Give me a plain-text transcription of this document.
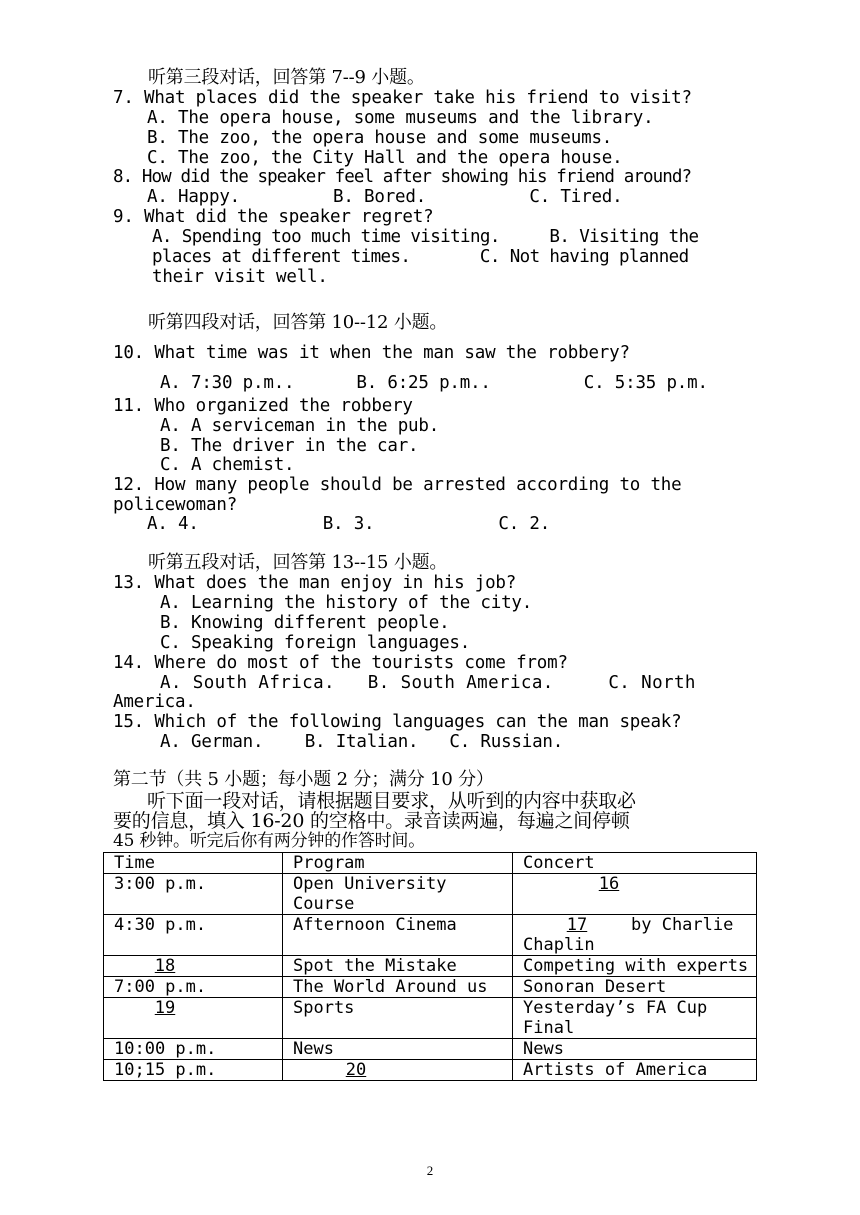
听第三段对话，回答第 7--9 小题。
7. What places did the speaker take his friend to visit?
A. The opera house, some museums and the library.
B. The zoo, the opera house and some museums.
C. The zoo, the City Hall and the opera house.
8. How did the speaker feel after showing his friend around?
A. Happy.         B. Bored.          C. Tired.
9. What did the speaker regret?
A. Spending too much time visiting.     B. Visiting the
places at different times.       C. Not having planned
their visit well.
听第四段对话，回答第 10--12 小题。
10. What time was it when the man saw the robbery?
A. 7:30 p.m..      B. 6:25 p.m..         C. 5:35 p.m.
11. Who organized the robbery
A. A serviceman in the pub.
B. The driver in the car.
C. A chemist.
12. How many people should be arrested according to the
policewoman?
A. 4.            B. 3.            C. 2.
听第五段对话，回答第 13--15 小题。
13. What does the man enjoy in his job?
A. Learning the history of the city.
B. Knowing different people.
C. Speaking foreign languages.
14. Where do most of the tourists come from?
A. South Africa.   B. South America.     C. North
America.
15. Which of the following languages can the man speak?
A. German.    B. Italian.   C. Russian.
第二节（共 5 小题；每小题 2 分；满分 10 分）
听下面一段对话，请根据题目要求，从听到的内容中获取必
要的信息，填入 16-20 的空格中。录音读两遍，每遍之间停顿
45 秒钟。听完后你有两分钟的作答时间。
Time	Program	Concert
3:00 p.m.	Open University Course	16
4:30 p.m.	Afternoon Cinema	17 by Charlie Chaplin
18	Spot the Mistake	Competing with experts
7:00 p.m.	The World Around us	Sonoran Desert
19	Sports	Yesterday’s FA Cup Final
10:00 p.m.	News	News
10;15 p.m.	20	Artists of America
2
